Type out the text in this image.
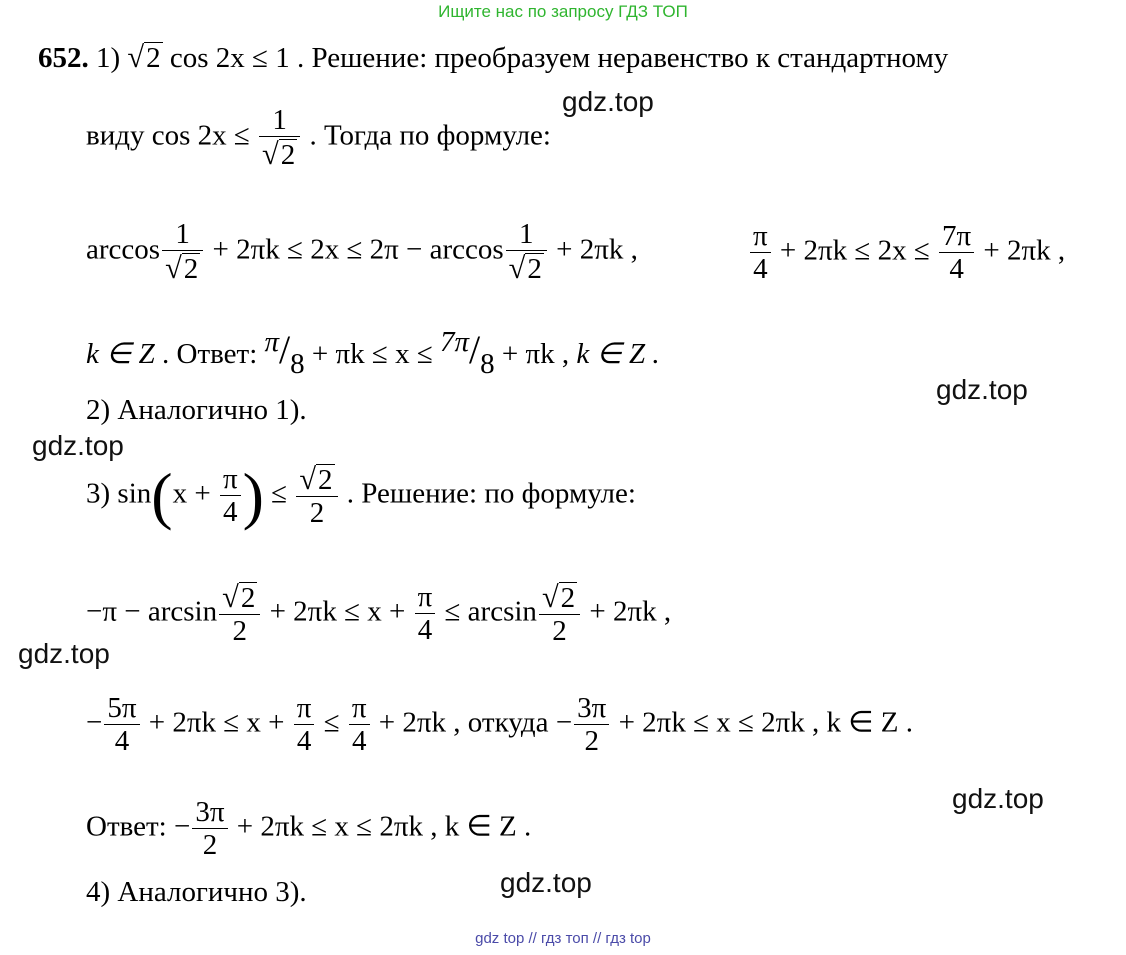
Ищите нас по запросу ГДЗ ТОП
gdz top // гдз топ // гдз top
gdz.top
gdz.top
gdz.top
gdz.top
gdz.top
gdz.top
652. 1) √2 cos 2x ≤ 1 . Решение: преобразуем неравенство к стандартному
виду $\cos 2x \le \frac{1}{√2}$ . Тогда по формуле:
$\arccos \frac{1}{√2} + 2\pi k \le 2x \le 2\pi - \arccos \frac{1}{√2} + 2\pi k$ ,	$\frac{\pi}{4} + 2\pi k \le 2x \le \frac{7\pi}{4} + 2\pi k$ ,
k ∈ Z . Ответ: π/8 + πk ≤ x ≤ 7π/8 + πk , k ∈ Z .
2) Аналогично 1).
3) $\sin(x + \frac{\pi}{4}$ ) ≤ $\frac{√2}{2}$ . Решение: по формуле:
$-\pi - \arcsin \frac{√2}{2} + 2\pi k \le x + \frac{\pi}{4} \le \arcsin \frac{√2}{2} + 2\pi k$ ,
− $\frac{5\pi}{4} + 2\pi k \le x + \frac{\pi}{4} \le \frac{\pi}{4} + 2\pi k$ , откуда − $\frac{3\pi}{2} + 2\pi k \le x \le 2\pi k$ , k ∈ Z .
Ответ: − $\frac{3\pi}{2} + 2\pi k \le x \le 2\pi k$ , k ∈ Z .
4) Аналогично 3).
